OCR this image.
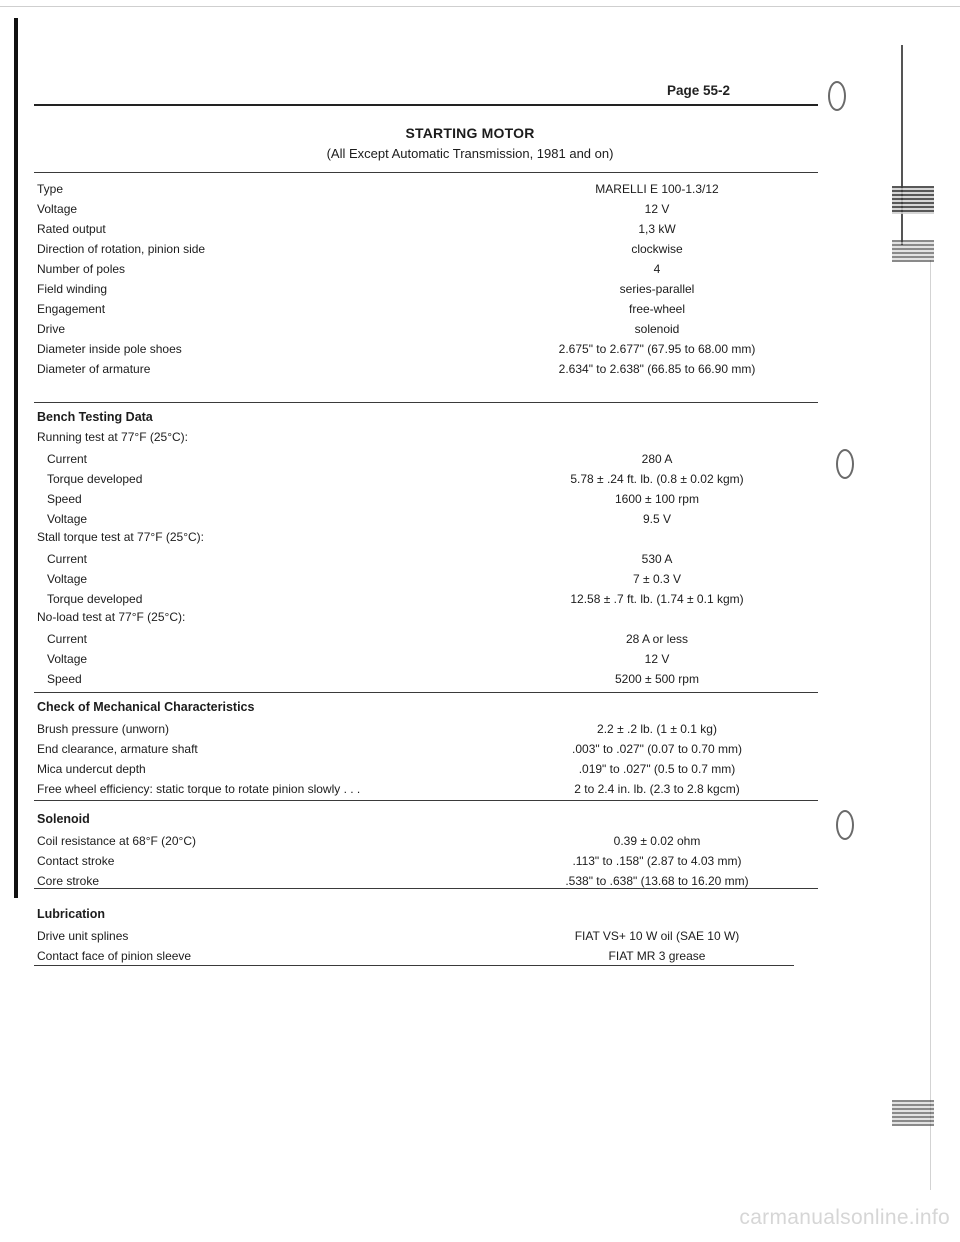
Page 55-2
STARTING MOTOR
(All Except Automatic Transmission, 1981 and on)
Type	MARELLI E 100-1.3/12
Voltage	12 V
Rated output	1,3 kW
Direction of rotation, pinion side	clockwise
Number of poles	4
Field winding	series-parallel
Engagement	free-wheel
Drive	solenoid
Diameter inside pole shoes	2.675" to 2.677" (67.95 to 68.00 mm)
Diameter of armature	2.634" to 2.638" (66.85 to 66.90 mm)
Bench Testing Data
Running test at 77°F (25°C):
Current	280 A
Torque developed	5.78 ± .24 ft. lb. (0.8 ± 0.02 kgm)
Speed	1600 ± 100 rpm
Voltage	9.5 V
Stall torque test at 77°F (25°C):
Current	530 A
Voltage	7 ± 0.3 V
Torque developed	12.58 ± .7 ft. lb. (1.74 ± 0.1 kgm)
No-load test at 77°F (25°C):
Current	28 A or less
Voltage	12 V
Speed	5200 ± 500 rpm
Check of Mechanical Characteristics
Brush pressure (unworn)	2.2 ± .2 lb. (1 ± 0.1 kg)
End clearance, armature shaft	.003" to .027" (0.07 to 0.70 mm)
Mica undercut depth	.019" to .027" (0.5 to 0.7 mm)
Free wheel efficiency: static torque to rotate pinion slowly . . .	2 to 2.4 in. lb. (2.3 to 2.8 kgcm)
Solenoid
Coil resistance at 68°F (20°C)	0.39 ± 0.02 ohm
Contact stroke	.113" to .158" (2.87 to 4.03 mm)
Core stroke	.538" to .638" (13.68 to 16.20 mm)
Lubrication
Drive unit splines	FIAT VS+ 10 W oil (SAE 10 W)
Contact face of pinion sleeve	FIAT MR 3 grease
carmanualsonline.info
